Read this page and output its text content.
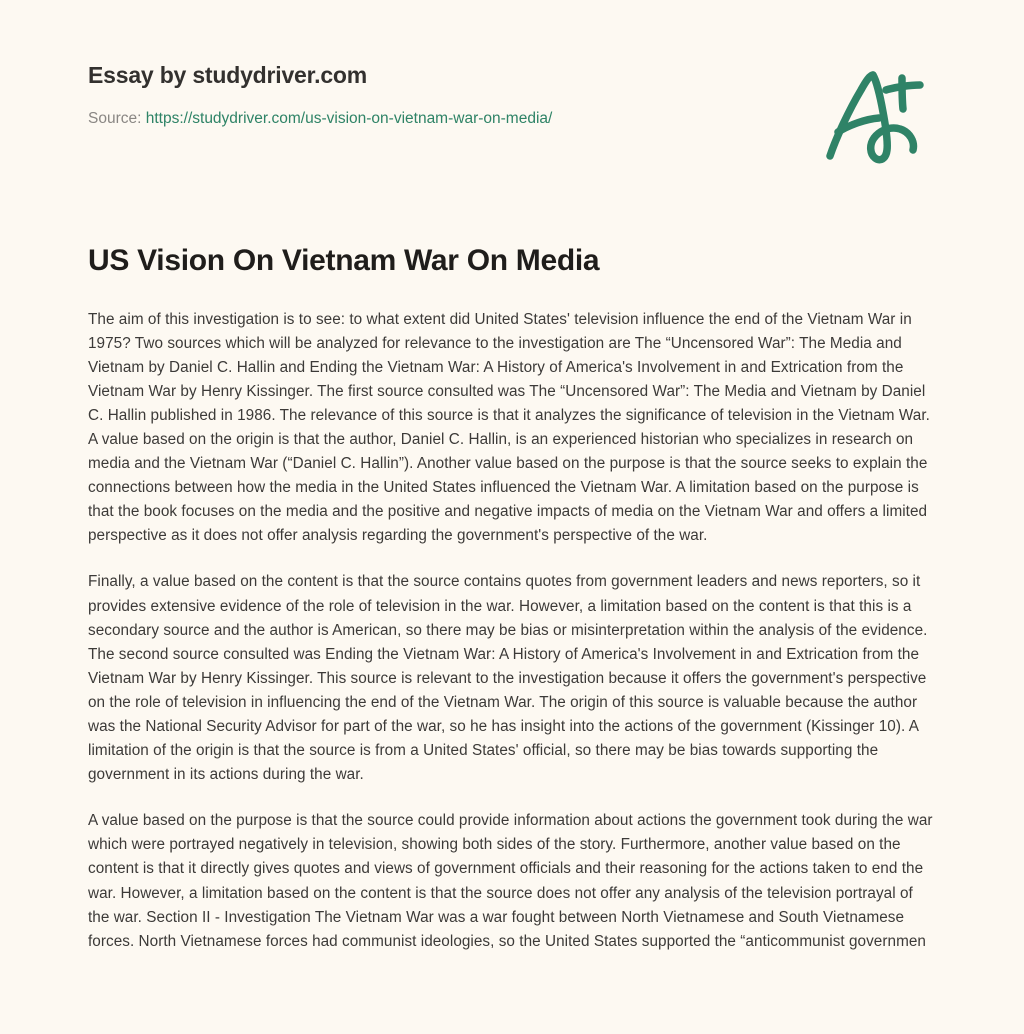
Essay by studydriver.com
Source: https://studydriver.com/us-vision-on-vietnam-war-on-media/
US Vision On Vietnam War On Media

The aim of this investigation is to see: to what extent did United States' television influence the end of the Vietnam War in 1975? Two sources which will be analyzed for relevance to the investigation are The “Uncensored War”: The Media and Vietnam by Daniel C. Hallin and Ending the Vietnam War: A History of America's Involvement in and Extrication from the Vietnam War by Henry Kissinger. The first source consulted was The “Uncensored War”: The Media and Vietnam by Daniel C. Hallin published in 1986. The relevance of this source is that it analyzes the significance of television in the Vietnam War. A value based on the origin is that the author, Daniel C. Hallin, is an experienced historian who specializes in research on media and the Vietnam War (“Daniel C. Hallin”). Another value based on the purpose is that the source seeks to explain the connections between how the media in the United States influenced the Vietnam War. A limitation based on the purpose is that the book focuses on the media and the positive and negative impacts of media on the Vietnam War and offers a limited perspective as it does not offer analysis regarding the government's perspective of the war.

Finally, a value based on the content is that the source contains quotes from government leaders and news reporters, so it provides extensive evidence of the role of television in the war. However, a limitation based on the content is that this is a secondary source and the author is American, so there may be bias or misinterpretation within the analysis of the evidence. The second source consulted was Ending the Vietnam War: A History of America's Involvement in and Extrication from the Vietnam War by Henry Kissinger. This source is relevant to the investigation because it offers the government's perspective on the role of television in influencing the end of the Vietnam War. The origin of this source is valuable because the author was the National Security Advisor for part of the war, so he has insight into the actions of the government (Kissinger 10). A limitation of the origin is that the source is from a United States' official, so there may be bias towards supporting the government in its actions during the war.

A value based on the purpose is that the source could provide information about actions the government took during the war which were portrayed negatively in television, showing both sides of the story. Furthermore, another value based on the content is that it directly gives quotes and views of government officials and their reasoning for the actions taken to end the war. However, a limitation based on the content is that the source does not offer any analysis of the television portrayal of the war. Section II - Investigation The Vietnam War was a war fought between North Vietnamese and South Vietnamese forces. North Vietnamese forces had communist ideologies, so the United States supported the “anticommunist governmen
